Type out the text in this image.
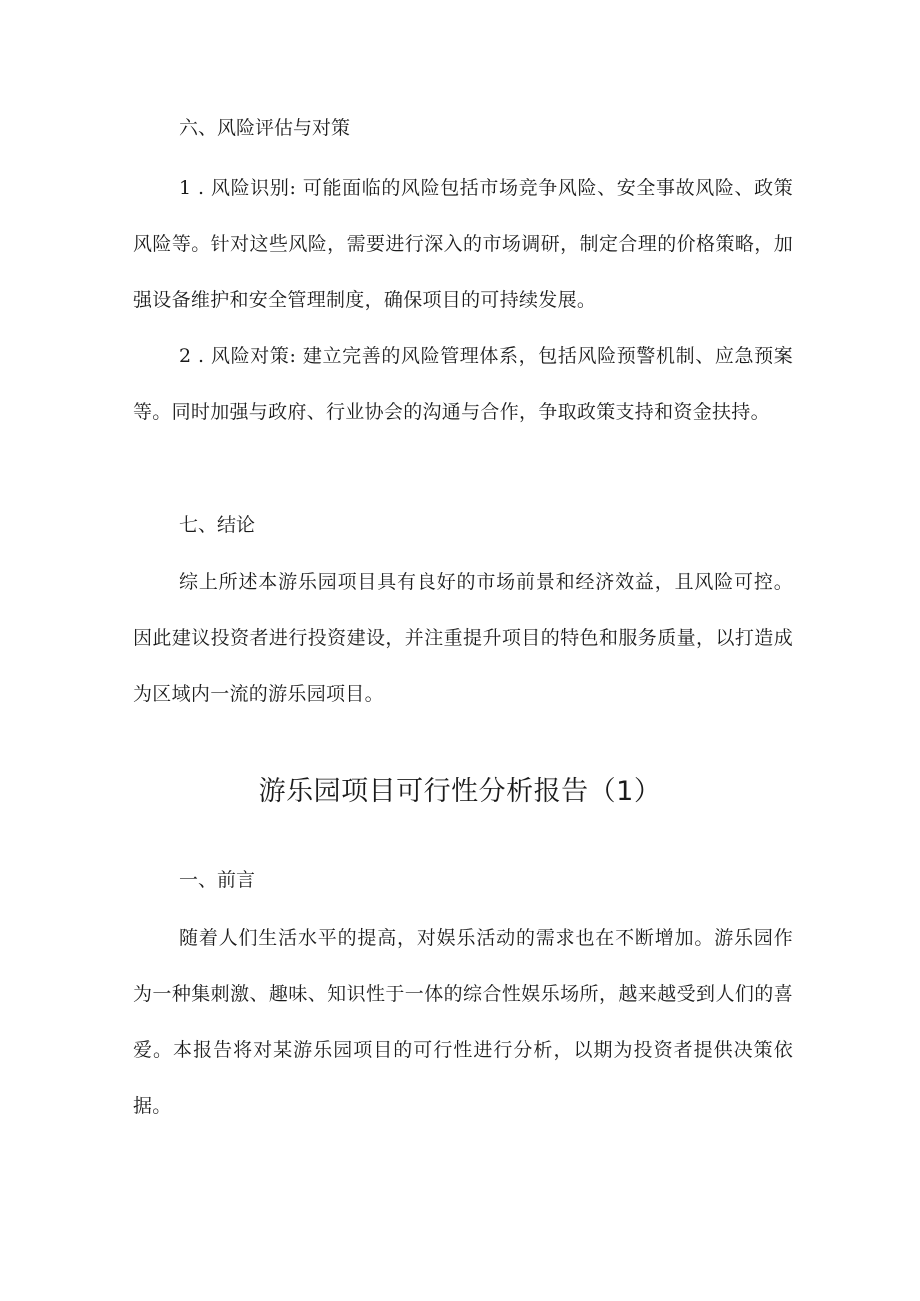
六、风险评估与对策

1 . 风险识别: 可能面临的风险包括市场竞争风险、安全事故风险、政策风险等。针对这些风险，需要进行深入的市场调研，制定合理的价格策略，加强设备维护和安全管理制度，确保项目的可持续发展。

2 . 风险对策: 建立完善的风险管理体系，包括风险预警机制、应急预案等。同时加强与政府、行业协会的沟通与合作，争取政策支持和资金扶持。

七、结论

综上所述本游乐园项目具有良好的市场前景和经济效益，且风险可控。因此建议投资者进行投资建设，并注重提升项目的特色和服务质量，以打造成为区域内一流的游乐园项目。

游乐园项目可行性分析报告（1）

一、前言

随着人们生活水平的提高，对娱乐活动的需求也在不断增加。游乐园作为一种集刺激、趣味、知识性于一体的综合性娱乐场所，越来越受到人们的喜爱。本报告将对某游乐园项目的可行性进行分析，以期为投资者提供决策依据。
